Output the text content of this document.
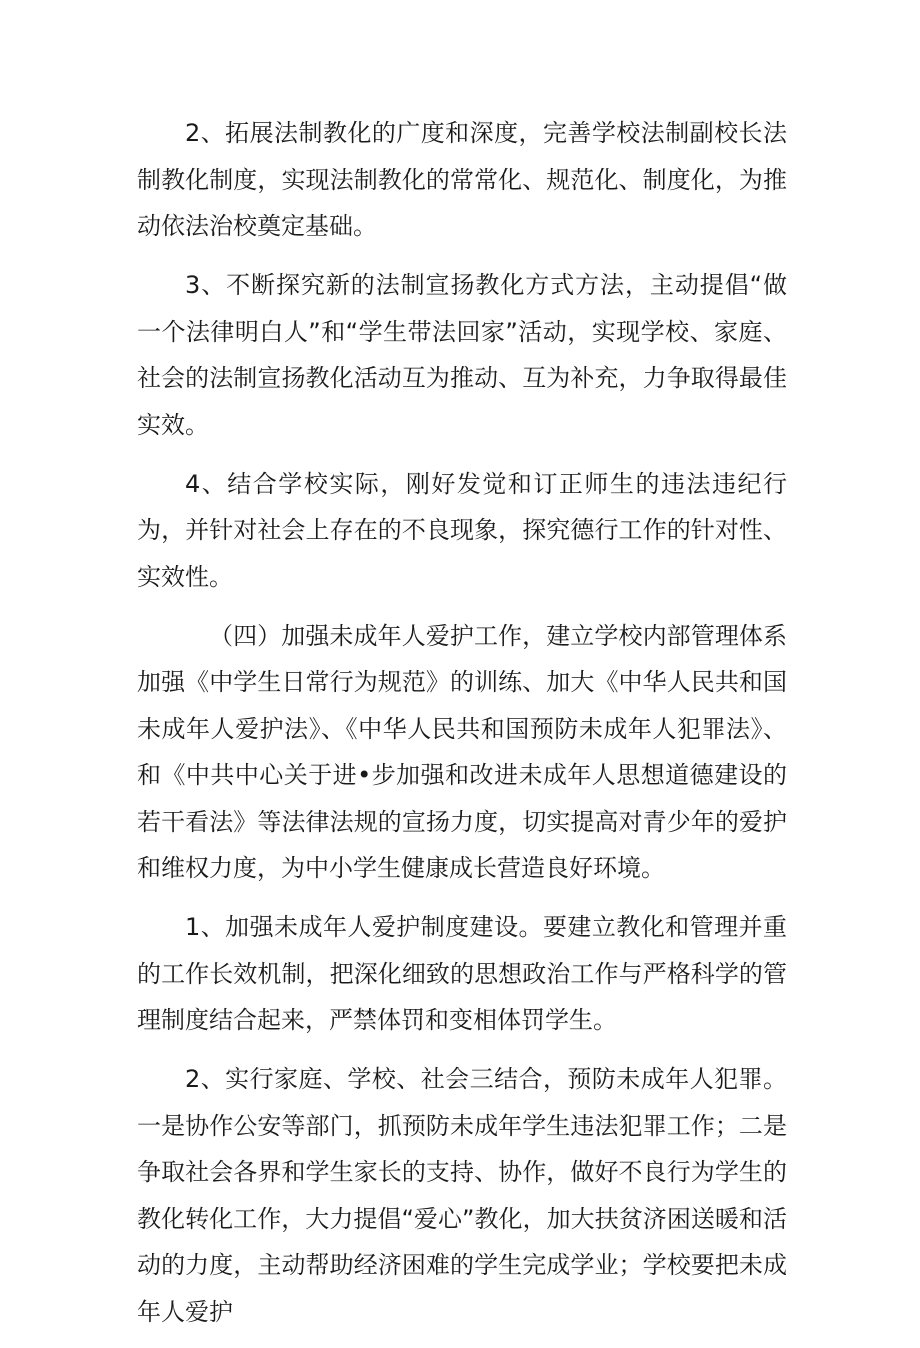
2、拓展法制教化的广度和深度，完善学校法制副校长法制教化制度，实现法制教化的常常化、规范化、制度化，为推动依法治校奠定基础。

3、不断探究新的法制宣扬教化方式方法，主动提倡“做一个法律明白人”和“学生带法回家”活动，实现学校、家庭、社会的法制宣扬教化活动互为推动、互为补充，力争取得最佳实效。

4、结合学校实际，刚好发觉和订正师生的违法违纪行为，并针对社会上存在的不良现象，探究德行工作的针对性、实效性。

（四）加强未成年人爱护工作，建立学校内部管理体系加强《中学生日常行为规范》的训练、加大《中华人民共和国未成年人爱护法》、《中华人民共和国预防未成年人犯罪法》、和《中共中心关于进•步加强和改进未成年人思想道德建设的若干看法》等法律法规的宣扬力度，切实提高对青少年的爱护和维权力度，为中小学生健康成长营造良好环境。

1、加强未成年人爱护制度建设。要建立教化和管理并重的工作长效机制，把深化细致的思想政治工作与严格科学的管理制度结合起来，严禁体罚和变相体罚学生。

2、实行家庭、学校、社会三结合，预防未成年人犯罪。一是协作公安等部门，抓预防未成年学生违法犯罪工作；二是争取社会各界和学生家长的支持、协作，做好不良行为学生的教化转化工作，大力提倡“爱心”教化，加大扶贫济困送暖和活动的力度，主动帮助经济困难的学生完成学业；学校要把未成年人爱护
